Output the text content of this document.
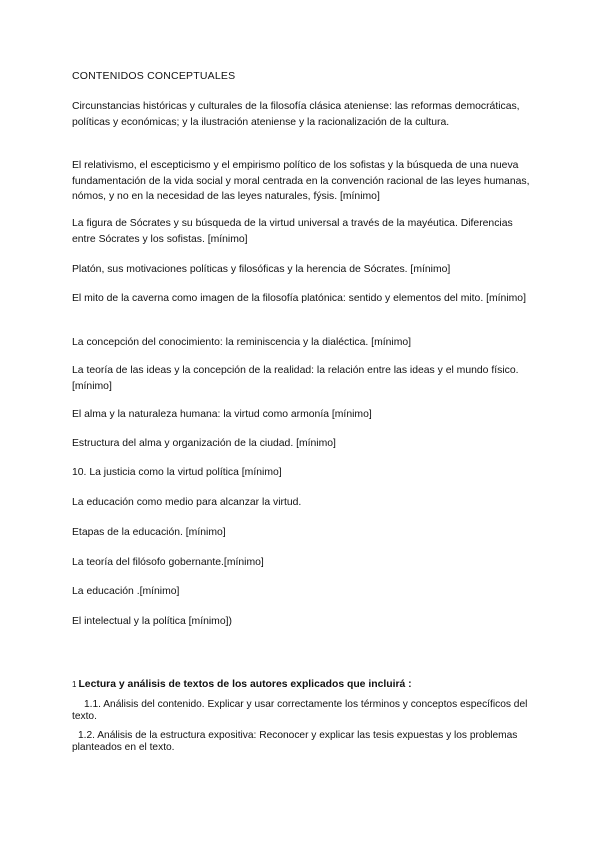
CONTENIDOS CONCEPTUALES
Circunstancias históricas y culturales de la filosofía clásica ateniense: las reformas democráticas, políticas y económicas; y la ilustración ateniense y la racionalización de la cultura.
El relativismo, el escepticismo y el empirismo político de los sofistas y la búsqueda de una nueva fundamentación de la vida social y moral centrada en la convención racional de las leyes humanas, nómos, y no en la necesidad de las leyes naturales, fýsis. [mínimo]
La figura de Sócrates y su búsqueda de la virtud universal a través de la mayéutica. Diferencias entre Sócrates y los sofistas. [mínimo]
Platón, sus motivaciones políticas y filosóficas y la herencia de Sócrates. [mínimo]
El mito de la caverna como imagen de la filosofía platónica: sentido y elementos del mito. [mínimo]
La concepción del conocimiento: la reminiscencia y la dialéctica. [mínimo]
La teoría de las ideas y la concepción de la realidad: la relación entre las ideas y el mundo físico. [mínimo]
El alma y la naturaleza humana: la virtud como armonía [mínimo]
Estructura del alma y organización de la ciudad. [mínimo]
10. La justicia como la virtud política [mínimo]
La educación como medio para alcanzar la virtud.
Etapas de la educación. [mínimo]
La teoría del filósofo gobernante.[mínimo]
La educación .[mínimo]
El intelectual y la política [mínimo])
1 Lectura y análisis de textos de los autores explicados que incluirá :
1.1. Análisis del contenido. Explicar y usar correctamente los términos y conceptos específicos del texto.
1.2. Análisis de la estructura expositiva: Reconocer y explicar las tesis expuestas y los problemas planteados en el texto.
